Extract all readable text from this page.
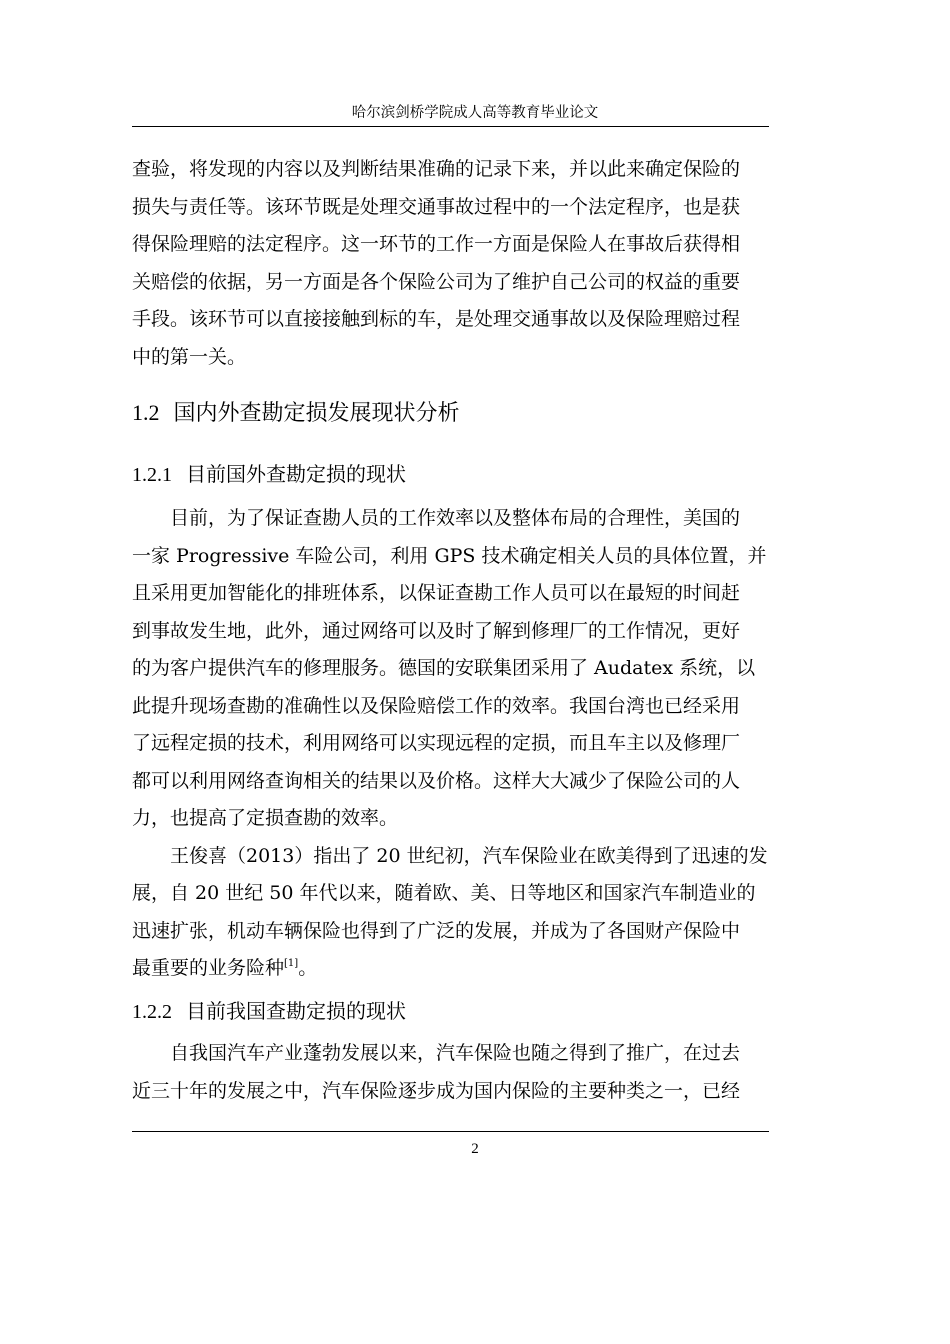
哈尔滨剑桥学院成人高等教育毕业论文
查验，将发现的内容以及判断结果准确的记录下来，并以此来确定保险的
损失与责任等。该环节既是处理交通事故过程中的一个法定程序，也是获
得保险理赔的法定程序。这一环节的工作一方面是保险人在事故后获得相
关赔偿的依据，另一方面是各个保险公司为了维护自己公司的权益的重要
手段。该环节可以直接接触到标的车，是处理交通事故以及保险理赔过程
中的第一关。
1.2 国内外查勘定损发展现状分析
1.2.1 目前国外查勘定损的现状
　　目前，为了保证查勘人员的工作效率以及整体布局的合理性，美国的
一家 Progressive 车险公司，利用 GPS 技术确定相关人员的具体位置，并
且采用更加智能化的排班体系，以保证查勘工作人员可以在最短的时间赶
到事故发生地，此外，通过网络可以及时了解到修理厂的工作情况，更好
的为客户提供汽车的修理服务。德国的安联集团采用了 Audatex 系统，以
此提升现场查勘的准确性以及保险赔偿工作的效率。我国台湾也已经采用
了远程定损的技术，利用网络可以实现远程的定损，而且车主以及修理厂
都可以利用网络查询相关的结果以及价格。这样大大减少了保险公司的人
力，也提高了定损查勘的效率。
　　王俊喜（2013）指出了 20 世纪初，汽车保险业在欧美得到了迅速的发
展，自 20 世纪 50 年代以来，随着欧、美、日等地区和国家汽车制造业的
迅速扩张，机动车辆保险也得到了广泛的发展，并成为了各国财产保险中
最重要的业务险种[1]。
1.2.2 目前我国查勘定损的现状
　　自我国汽车产业蓬勃发展以来，汽车保险也随之得到了推广，在过去
近三十年的发展之中，汽车保险逐步成为国内保险的主要种类之一，已经
2
